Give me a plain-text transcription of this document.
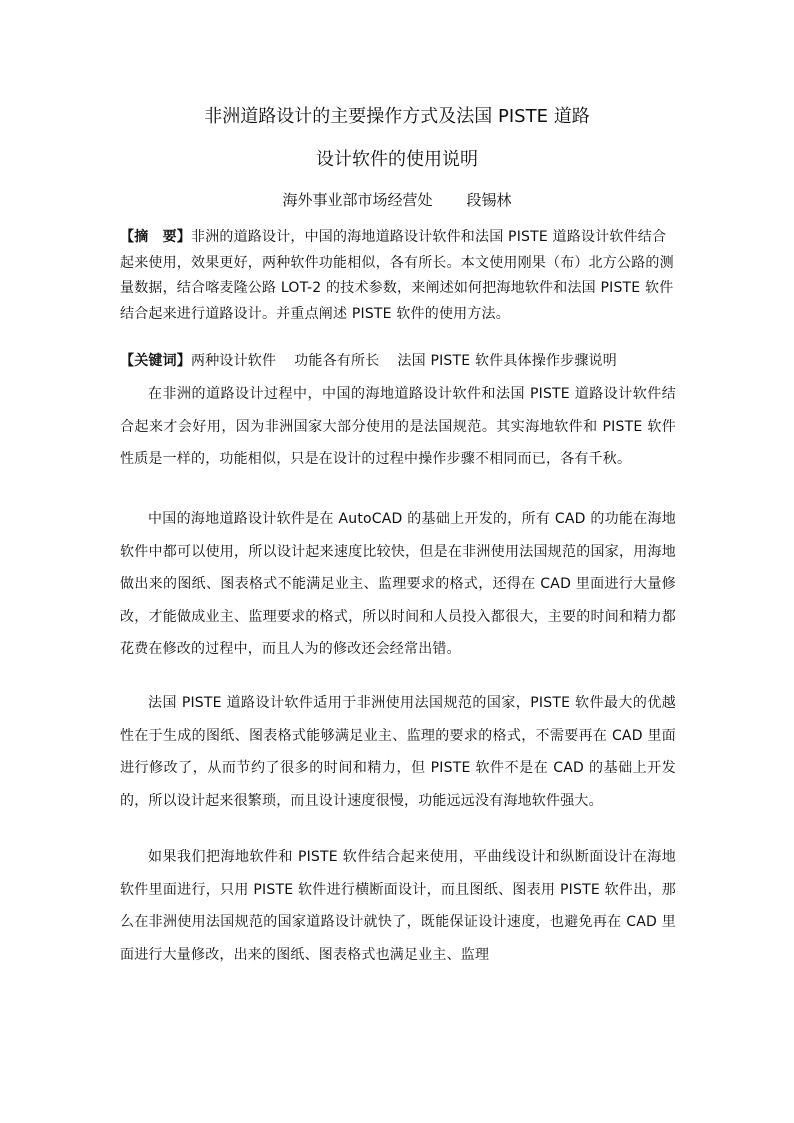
非洲道路设计的主要操作方式及法国 PISTE 道路
设计软件的使用说明
海外事业部市场经营处 段锡林
【摘　要】非洲的道路设计，中国的海地道路设计软件和法国 PISTE 道路设计软件结合起来使用，效果更好，两种软件功能相似，各有所长。本文使用刚果（布）北方公路的测量数据，结合喀麦隆公路 LOT-2 的技术参数，来阐述如何把海地软件和法国 PISTE 软件结合起来进行道路设计。并重点阐述 PISTE 软件的使用方法。
【关键词】两种设计软件 功能各有所长 法国 PISTE 软件具体操作步骤说明

在非洲的道路设计过程中，中国的海地道路设计软件和法国 PISTE 道路设计软件结合起来才会好用，因为非洲国家大部分使用的是法国规范。其实海地软件和 PISTE 软件性质是一样的，功能相似，只是在设计的过程中操作步骤不相同而已，各有千秋。

中国的海地道路设计软件是在 AutoCAD 的基础上开发的，所有 CAD 的功能在海地软件中都可以使用，所以设计起来速度比较快，但是在非洲使用法国规范的国家，用海地做出来的图纸、图表格式不能满足业主、监理要求的格式，还得在 CAD 里面进行大量修改，才能做成业主、监理要求的格式，所以时间和人员投入都很大，主要的时间和精力都花费在修改的过程中，而且人为的修改还会经常出错。

法国 PISTE 道路设计软件适用于非洲使用法国规范的国家，PISTE 软件最大的优越性在于生成的图纸、图表格式能够满足业主、监理的要求的格式，不需要再在 CAD 里面进行修改了，从而节约了很多的时间和精力，但 PISTE 软件不是在 CAD 的基础上开发的，所以设计起来很繁琐，而且设计速度很慢，功能远远没有海地软件强大。

如果我们把海地软件和 PISTE 软件结合起来使用，平曲线设计和纵断面设计在海地软件里面进行，只用 PISTE 软件进行横断面设计，而且图纸、图表用 PISTE 软件出，那么在非洲使用法国规范的国家道路设计就快了，既能保证设计速度，也避免再在 CAD 里面进行大量修改，出来的图纸、图表格式也满足业主、监理
